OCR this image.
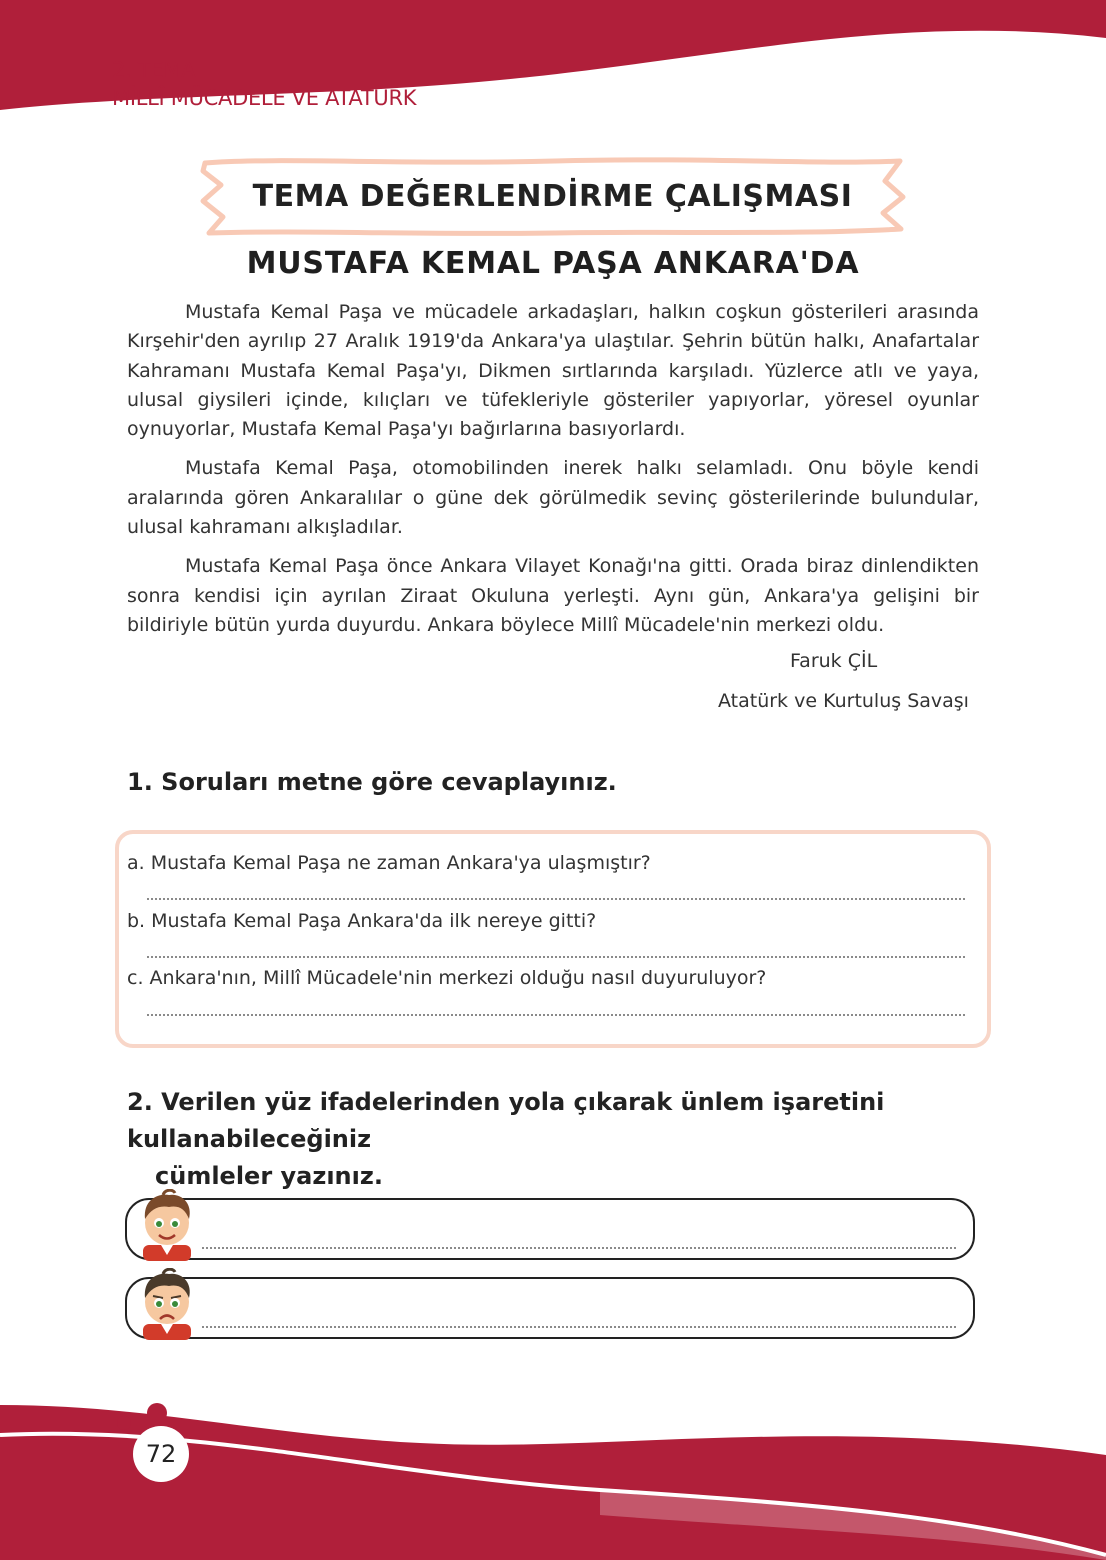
2. TEMA
MİLLÎ MÜCADELE VE ATATÜRK
TEMA DEĞERLENDİRME ÇALIŞMASI
MUSTAFA KEMAL PAŞA ANKARA'DA

Mustafa Kemal Paşa ve mücadele arkadaşları, halkın coşkun gösterileri arasında Kırşehir'den ayrılıp 27 Aralık 1919'da Ankara'ya ulaştılar. Şehrin bütün halkı, Anafartalar Kahramanı Mustafa Kemal Paşa'yı, Dikmen sırtlarında karşıladı. Yüzlerce atlı ve yaya, ulusal giysileri içinde, kılıçları ve tüfekleriyle gösteriler yapıyorlar, yöresel oyunlar oynuyorlar, Mustafa Kemal Paşa'yı bağırlarına basıyorlardı.

Mustafa Kemal Paşa, otomobilinden inerek halkı selamladı. Onu böyle kendi aralarında gören Ankaralılar o güne dek görülmedik sevinç gösterilerinde bulundular, ulusal kahramanı alkışladılar.

Mustafa Kemal Paşa önce Ankara Vilayet Konağı'na gitti. Orada biraz dinlendikten sonra kendisi için ayrılan Ziraat Okuluna yerleşti. Aynı gün, Ankara'ya gelişini bir bildiriyle bütün yurda duyurdu. Ankara böylece Millî Mücadele'nin merkezi oldu.

Faruk ÇİL
Atatürk ve Kurtuluş Savaşı
1. Soruları metne göre cevaplayınız.
a. Mustafa Kemal Paşa ne zaman Ankara'ya ulaşmıştır?
b. Mustafa Kemal Paşa Ankara'da ilk nereye gitti?
c. Ankara'nın, Millî Mücadele'nin merkezi olduğu nasıl duyuruluyor?
2. Verilen yüz ifadelerinden yola çıkarak ünlem işaretini kullanabileceğiniz
cümleler yazınız.
72
